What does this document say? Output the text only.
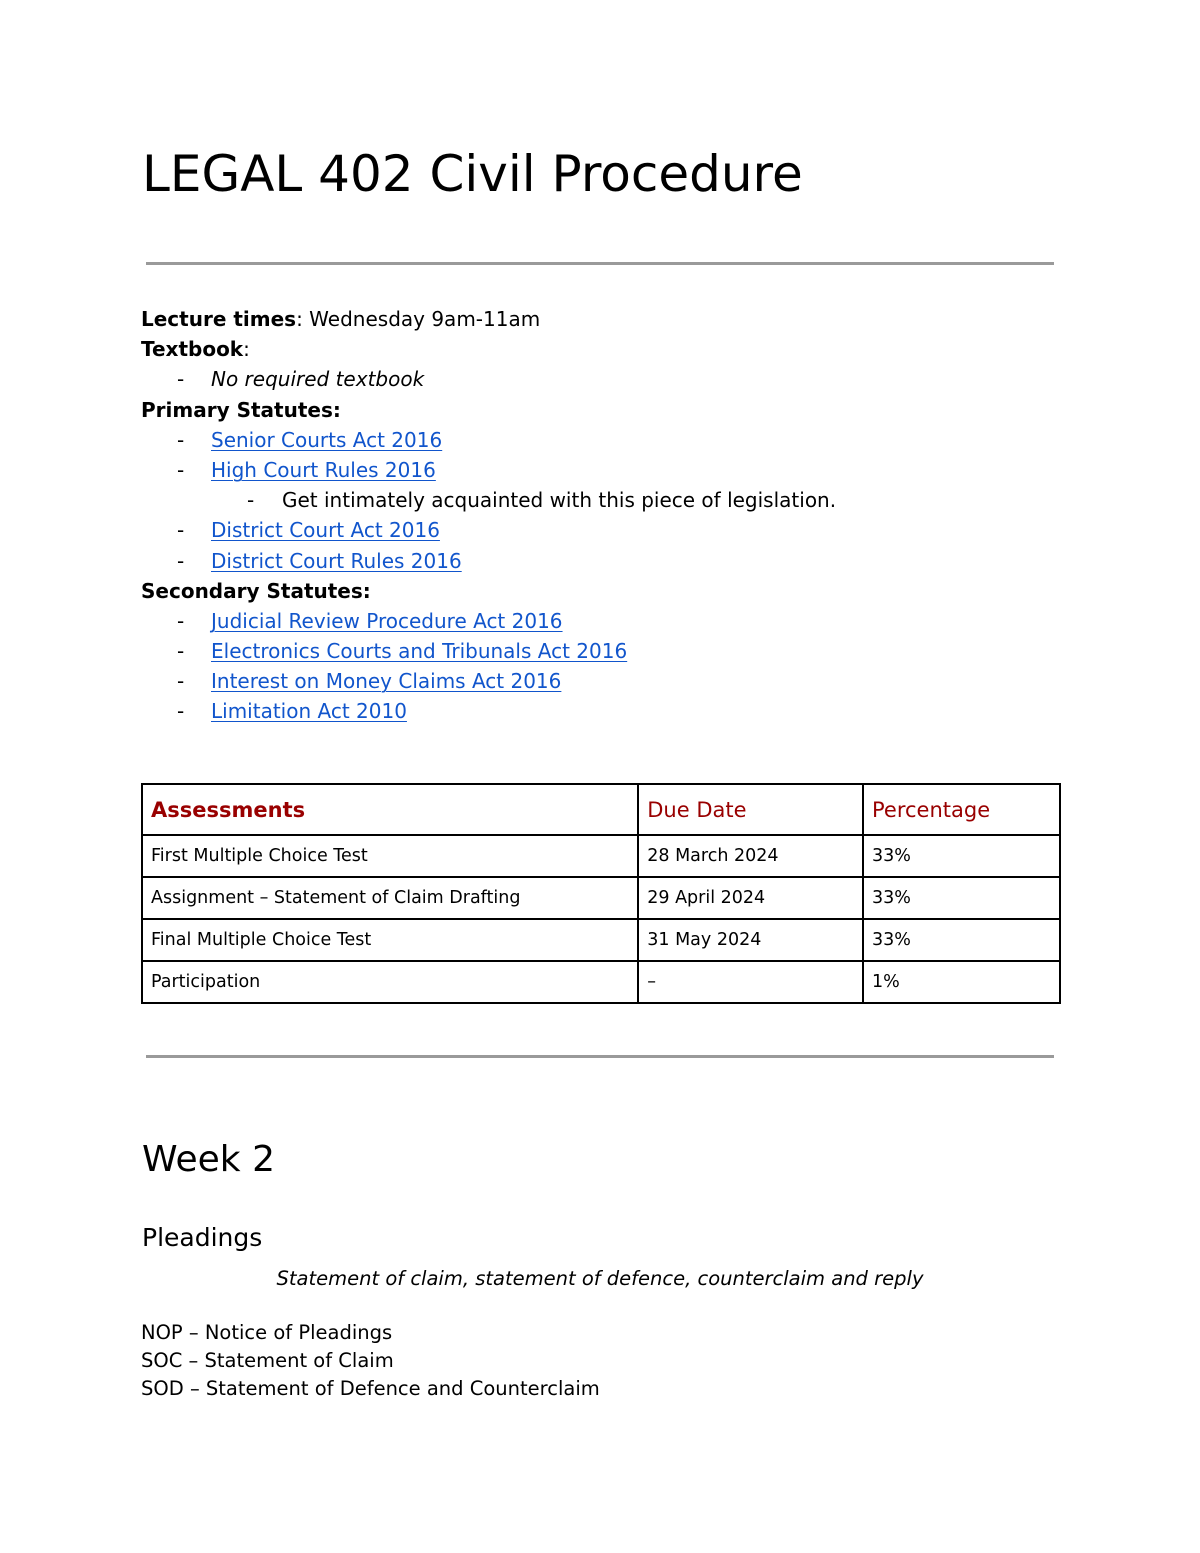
LEGAL 402 Civil Procedure
Lecture times: Wednesday 9am-11am
Textbook:
- No required textbook
Primary Statutes:
- Senior Courts Act 2016
- High Court Rules 2016
- Get intimately acquainted with this piece of legislation.
- District Court Act 2016
- District Court Rules 2016
Secondary Statutes:
- Judicial Review Procedure Act 2016
- Electronics Courts and Tribunals Act 2016
- Interest on Money Claims Act 2016
- Limitation Act 2010
Assessments	Due Date	Percentage
First Multiple Choice Test	28 March 2024	33%
Assignment – Statement of Claim Drafting	29 April 2024	33%
Final Multiple Choice Test	31 May 2024	33%
Participation	–	1%
Week 2
Pleadings

Statement of claim, statement of defence, counterclaim and reply

NOP – Notice of Pleadings
SOC – Statement of Claim
SOD – Statement of Defence and Counterclaim
